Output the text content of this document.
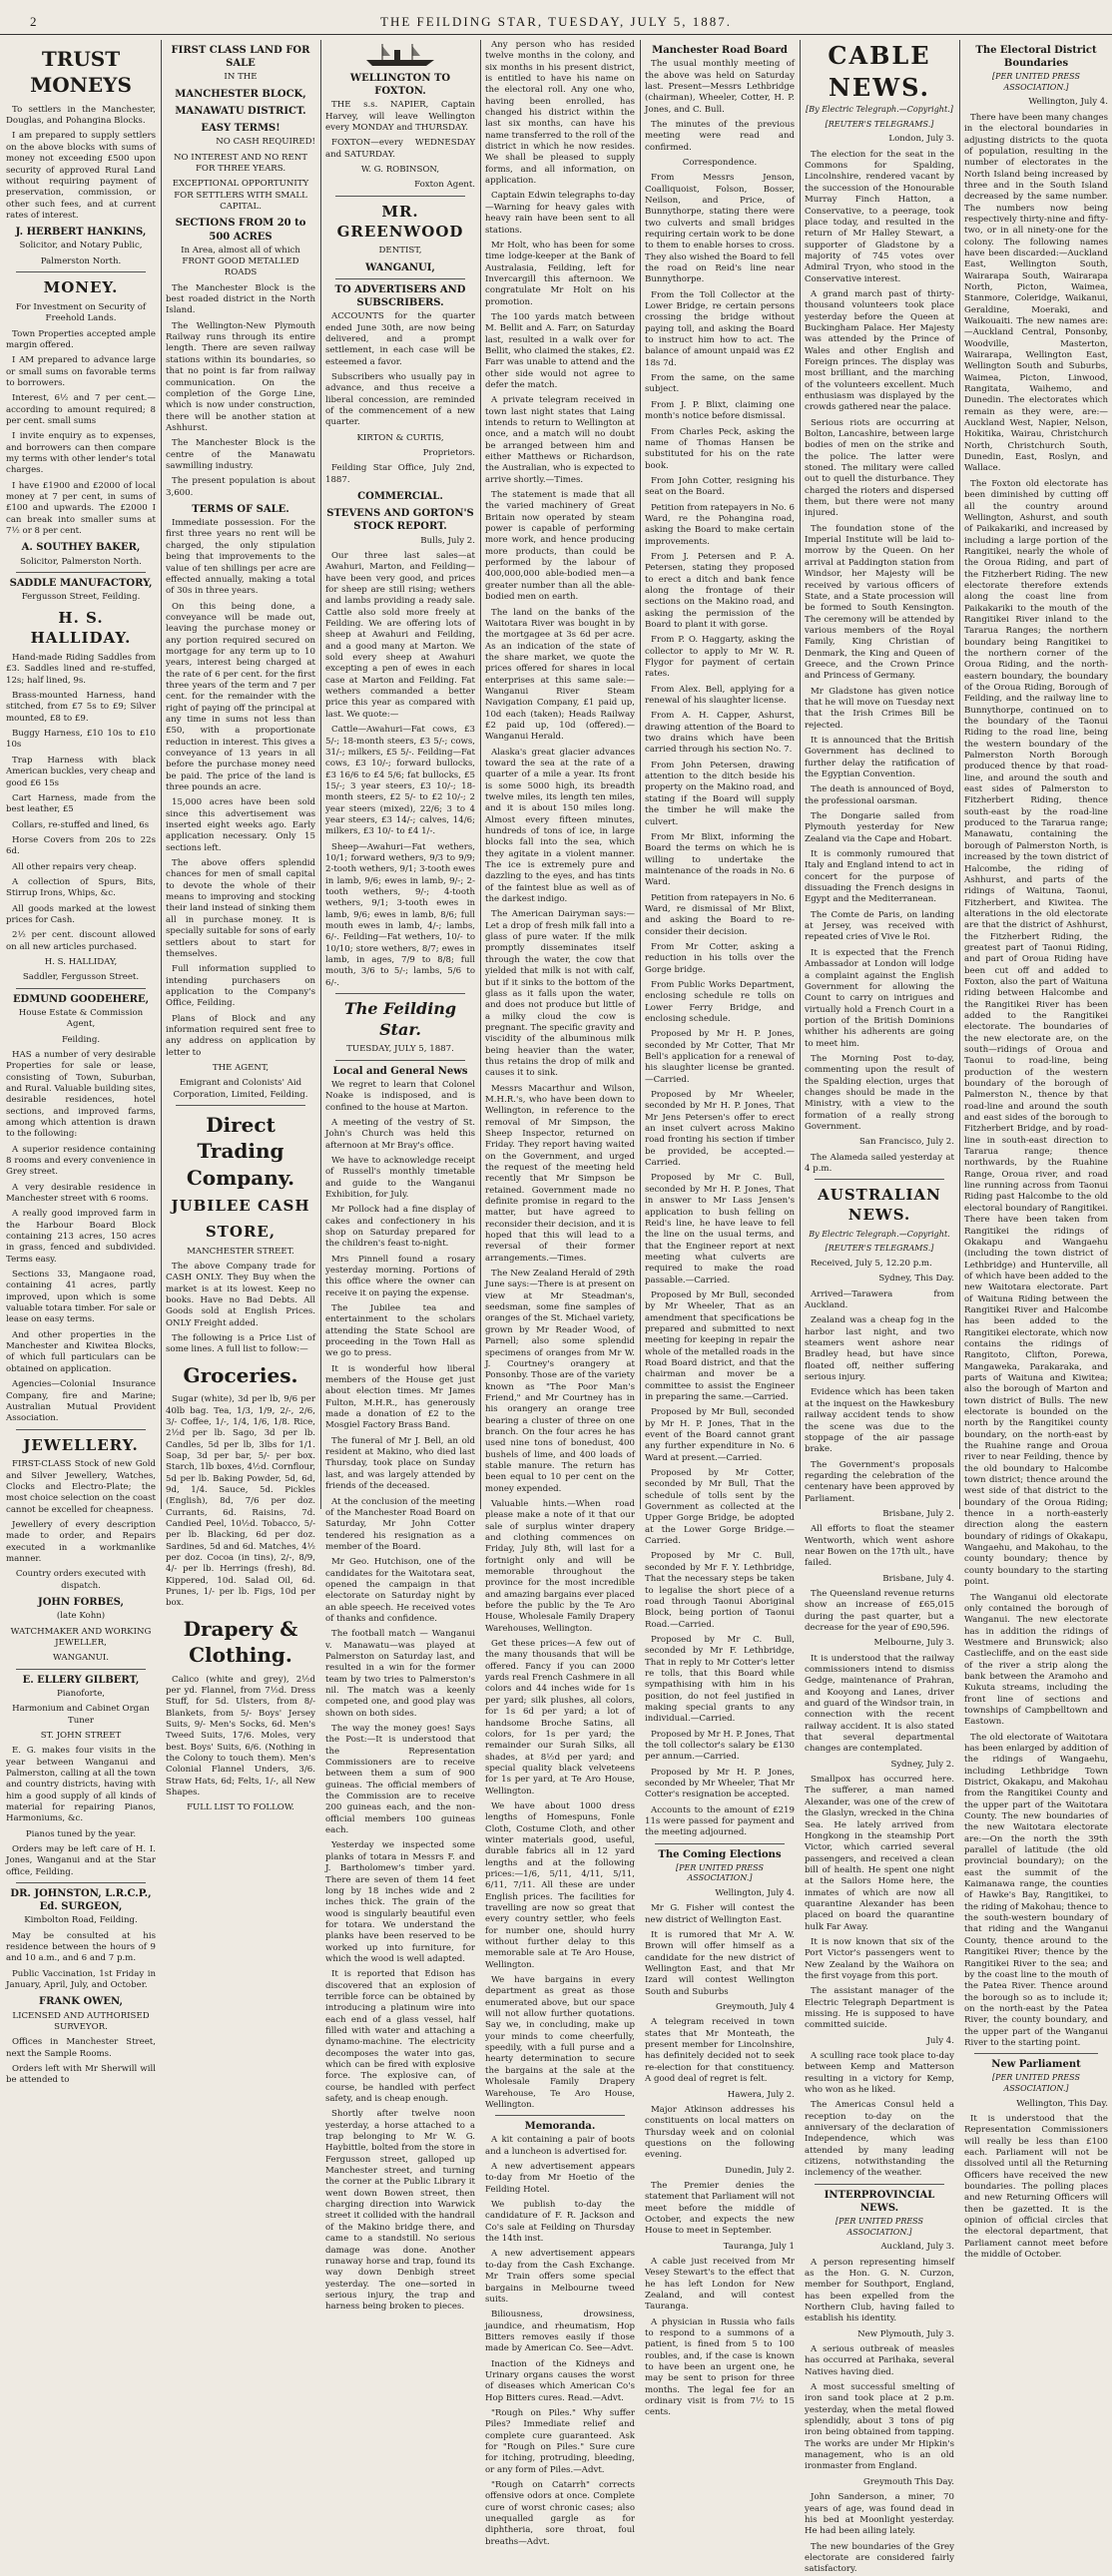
2	THE FEILDING STAR, TUESDAY, JULY 5, 1887.

TRUST MONEYS

To settlers in the Manchester, Douglas, and Pohangina Blocks.

I am prepared to supply settlers on the above blocks with sums of money not exceeding £500 upon security of approved Rural Land without requiring payment of preservation, commission, or other such fees, and at current rates of interest.

J. HERBERT HANKINS,

Solicitor, and Notary Public,

Palmerston North.

MONEY.

For Investment on Security of Freehold Lands.

Town Properties accepted ample margin offered.

I AM prepared to advance large or small sums on favorable terms to borrowers.

Interest, 6½ and 7 per cent.—according to amount required; 8 per cent. small sums

I invite enquiry as to expenses, and borrowers can then compare my terms with other lender's total charges.

I have £1900 and £2000 of local money at 7 per cent, in sums of £100 and upwards. The £2000 I can break into smaller sums at 7½ or 8 per cent.

A. SOUTHEY BAKER,

Solicitor, Palmerston North.

SADDLE MANUFACTORY,

Fergusson Street, Feilding.

H. S. HALLIDAY.

Hand-made Riding Saddles from £3. Saddles lined and re-stuffed, 12s; half lined, 9s.

Brass-mounted Harness, hand stitched, from £7 5s to £9; Silver mounted, £8 to £9.

Buggy Harness, £10 10s to £10 10s

Trap Harness with black American buckles, very cheap and good £6 15s

Cart Harness, made from the best leather, £5

Collars, re-stuffed and lined, 6s

Horse Covers from 20s to 22s 6d.

All other repairs very cheap.

A collection of Spurs, Bits, Stirrup Irons, Whips, &c.

All goods marked at the lowest prices for Cash.

2½ per cent. discount allowed on all new articles purchased.

H. S. HALLIDAY,

Saddler, Fergusson Street.

EDMUND GOODEHERE,

House Estate & Commission Agent,

Feilding.

HAS a number of very desirable Properties for sale or lease, consisting of Town, Suburban, and Rural. Valuable building sites, desirable residences, hotel sections, and improved farms, among which attention is drawn to the following:

A superior residence containing 8 rooms and every convenience in Grey street.

A very desirable residence in Manchester street with 6 rooms.

A really good improved farm in the Harbour Board Block containing 213 acres, 150 acres in grass, fenced and subdivided. Terms easy.

Sections 33, Mangaone road, containing 41 acres, partly improved, upon which is some valuable totara timber. For sale or lease on easy terms.

And other properties in the Manchester and Kiwitea Blocks, of which full particulars can be obtained on application.

Agencies—Colonial Insurance Company, fire and Marine; Australian Mutual Provident Association.

JEWELLERY.

FIRST-CLASS Stock of new Gold and Silver Jewellery, Watches, Clocks and Electro-Plate; the most choice selection on the coast cannot be excelled for cheapness.

Jewellery of every description made to order, and Repairs executed in a workmanlike manner.

Country orders executed with dispatch.

JOHN FORBES,

(late Kohn)

WATCHMAKER AND WORKING JEWELLER,

WANGANUI.

E. ELLERY GILBERT,

Pianoforte,

Harmonium and Cabinet Organ Tuner

ST. JOHN STREET

E. G. makes four visits in the year between Wanganui and Palmerston, calling at all the town and country districts, having with him a good supply of all kinds of material for repairing Pianos, Harmoniums, &c.

Pianos tuned by the year.

Orders may be left care of H. I. Jones, Wanganui and at the Star office, Feilding.

DR. JOHNSTON, L.R.C.P., Ed. SURGEON,

Kimbolton Road, Feilding.

May be consulted at his residence between the hours of 9 and 10 a.m., and 6 and 7 p.m.

Public Vaccination, 1st Friday in January, April, July, and October.

FRANK OWEN,

LICENSED AND AUTHORISED SURVEYOR.

Offices in Manchester Street, next the Sample Rooms.

Orders left with Mr Sherwill will be attended to

FIRST CLASS LAND FOR SALE

IN THE

MANCHESTER BLOCK,

MANAWATU DISTRICT.

EASY TERMS!

NO CASH REQUIRED!

NO INTEREST AND NO RENT FOR THREE YEARS.

EXCEPTIONAL OPPORTUNITY FOR SETTLERS WITH SMALL CAPITAL.

SECTIONS FROM 20 to 500 ACRES

In Area, almost all of which FRONT GOOD METALLED ROADS

The Manchester Block is the best roaded district in the North Island.

The Wellington-New Plymouth Railway runs through its entire length. There are seven railway stations within its boundaries, so that no point is far from railway communication. On the completion of the Gorge Line, which is now under construction, there will be another station at Ashhurst.

The Manchester Block is the centre of the Manawatu sawmilling industry.

The present population is about 3,600.

TERMS OF SALE.

Immediate possession. For the first three years no rent will be charged, the only stipulation being that improvements to the value of ten shillings per acre are effected annually, making a total of 30s in three years.

On this being done, a conveyance will be made out, leaving the purchase money or any portion required secured on mortgage for any term up to 10 years, interest being charged at the rate of 6 per cent. for the first three years of the term and 7 per cent. for the remainder with the right of paying off the principal at any time in sums not less than £50, with a proportionate reduction in interest. This gives a conveyance of 13 years in all before the purchase money need be paid. The price of the land is three pounds an acre.

15,000 acres have been sold since this advertisement was inserted eight weeks ago. Early application necessary. Only 15 sections left.

The above offers splendid chances for men of small capital to devote the whole of their means to improving and stocking their land instead of sinking them all in purchase money. It is specially suitable for sons of early settlers about to start for themselves.

Full information supplied to intending purchasers on application to the Company's Office, Feilding.

Plans of Block and any information required sent free to any address on application by letter to

THE AGENT,

Emigrant and Colonists' Aid Corporation, Limited, Feilding.

Direct Trading Company.

JUBILEE CASH

STORE,

MANCHESTER STREET.

The above Company trade for CASH ONLY. They Buy when the market is at its lowest. Keep no books. Have no Bad Debts. All Goods sold at English Prices. ONLY Freight added.

The following is a Price List of some lines. A full list to follow:—

Groceries.

Sugar (white), 3d per lb, 9/6 per 40lb bag. Tea, 1/3, 1/9, 2/-, 2/6, 3/- Coffee, 1/-, 1/4, 1/6, 1/8. Rice, 2½d per lb. Sago, 3d per lb. Candles, 5d per lb, 3lbs for 1/1. Soap, 3d per bar, 5/- per box. Starch, 1lb boxes, 4½d. Cornflour, 5d per lb. Baking Powder, 5d, 6d, 9d, 1/4. Sauce, 5d. Pickles (English), 8d, 7/6 per doz. Currants, 6d. Raisins, 7d. Candied Peel, 10½d. Tobacco, 5/- per lb. Blacking, 6d per doz. Sardines, 5d and 6d. Matches, 4½ per doz. Cocoa (in tins), 2/-, 8/9, 4/- per lb. Herrings (fresh), 8d. Kippered, 10d. Salad Oil, 6d. Prunes, 1/- per lb. Figs, 10d per box.

Drapery & Clothing.

Calico (white and grey), 2½d per yd. Flannel, from 7½d. Dress Stuff, for 5d. Ulsters, from 8/- Blankets, from 5/- Boys' Jersey Suits, 9/- Men's Socks, 6d. Men's Tweed Suits, 17/6. Moles, very best. Boys' Suits, 6/6. (Nothing in the Colony to touch them). Men's Colonial Flannel Unders, 3/6. Straw Hats, 6d; Felts, 1/-, all New Shapes.

FULL LIST TO FOLLOW.

WELLINGTON TO FOXTON.

THE s.s. NAPIER, Captain Harvey, will leave Wellington every MONDAY and THURSDAY.

FOXTON—every WEDNESDAY and SATURDAY.

W. G. ROBINSON,

Foxton Agent.

MR. GREENWOOD

DENTIST,

WANGANUI,

TO ADVERTISERS AND SUBSCRIBERS.

ACCOUNTS for the quarter ended June 30th, are now being delivered, and a prompt settlement, in each case will be esteemed a favor.

Subscribers who usually pay in advance, and thus receive a liberal concession, are reminded of the commencement of a new quarter.

KIRTON & CURTIS,

Proprietors.

Feilding Star Office, July 2nd, 1887.

COMMERCIAL.

STEVENS AND GORTON'S STOCK REPORT.

Bulls, July 2.

Our three last sales—at Awahuri, Marton, and Feilding—have been very good, and prices for sheep are still rising; wethers and lambs providing a ready sale. Cattle also sold more freely at Feilding. We are offering lots of sheep at Awahuri and Feilding, and a good many at Marton. We sold every sheep at Awahuri excepting a pen of ewes in each case at Marton and Feilding. Fat wethers commanded a better price this year as compared with last. We quote:—

Cattle—Awahuri—Fat cows, £3 5/-; 18-month steers, £3 5/-; cows, 31/-; milkers, £5 5/-. Feilding—Fat cows, £3 10/-; forward bullocks, £3 16/6 to £4 5/6; fat bullocks, £5 15/-; 3 year steers, £3 10/-; 18-month steers, £2 5/- to £2 10/-; 2 year steers (mixed), 22/6; 3 to 4 year steers, £3 14/-; calves, 14/6; milkers, £3 10/- to £4 1/-.

Sheep—Awahuri—Fat wethers, 10/1; forward wethers, 9/3 to 9/9; 2-tooth wethers, 9/1; 3-tooth ewes in lamb, 9/6; ewes in lamb, 9/-; 2-tooth wethers, 9/-; 4-tooth wethers, 9/1; 3-tooth ewes in lamb, 9/6; ewes in lamb, 8/6; full mouth ewes in lamb, 4/-; lambs, 6/-. Feilding—Fat wethers, 10/- to 10/10; store wethers, 8/7; ewes in lamb, in ages, 7/9 to 8/8; full mouth, 3/6 to 5/-; lambs, 5/6 to 6/-.

The Feilding Star.

TUESDAY, JULY 5, 1887.

Local and General News

We regret to learn that Colonel Noake is indisposed, and is confined to the house at Marton.

A meeting of the vestry of St. John's Church was held this afternoon at Mr Bray's office.

We have to acknowledge receipt of Russell's monthly timetable and guide to the Wanganui Exhibition, for July.

Mr Pollock had a fine display of cakes and confectionery in his shop on Saturday prepared for the children's feast to-night.

Mrs Pinnell found a rosary yesterday morning. Portions of this office where the owner can receive it on paying the expense.

The Jubilee tea and entertainment to the scholars attending the State School are proceeding in the Town Hall as we go to press.

It is wonderful how liberal members of the House get just about election times. Mr James Fulton, M.H.R., has generously made a donation of £2 to the Mosgiel Factory Brass Band.

The funeral of Mr J. Bell, an old resident at Makino, who died last Thursday, took place on Sunday last, and was largely attended by friends of the deceased.

At the conclusion of the meeting of the Manchester Road Board on Saturday, Mr John Cotter tendered his resignation as a member of the Board.

Mr Geo. Hutchison, one of the candidates for the Waitotara seat, opened the campaign in that electorate on Saturday night by an able speech. He received votes of thanks and confidence.

The football match — Wanganui v. Manawatu—was played at Palmerston on Saturday last, and resulted in a win for the former team by two tries to Palmerston's nil. The match was a keenly competed one, and good play was shown on both sides.

The way the money goes! Says the Post:—It is understood that the Representation Commissioners are to receive between them a sum of 900 guineas. The official members of the Commission are to receive 200 guineas each, and the non-official members 100 guineas each.

Yesterday we inspected some planks of totara in Messrs F. and J. Bartholomew's timber yard. There are seven of them 14 feet long by 18 inches wide and 2 inches thick. The grain of the wood is singularly beautiful even for totara. We understand the planks have been reserved to be worked up into furniture, for which the wood is well adapted.

It is reported that Edison has discovered that an explosion of terrible force can be obtained by introducing a platinum wire into each end of a glass vessel, half filled with water and attaching a dynamo-machine. The electricity decomposes the water into gas, which can be fired with explosive force. The explosive can, of course, be handled with perfect safety, and is cheap enough.

Shortly after twelve noon yesterday, a horse attached to a trap belonging to Mr W. G. Haybittle, bolted from the store in Fergusson street, galloped up Manchester street, and turning the corner at the Public Library it went down Bowen street, then charging direction into Warwick street it collided with the handrail of the Makino bridge there, and came to a standstill. No serious damage was done. Another runaway horse and trap, found its way down Denbigh street yesterday. The one—sorted in serious injury, the trap and harness being broken to pieces.

Any person who has resided twelve months in the colony, and six months in his present district, is entitled to have his name on the electoral roll. Any one who, having been enrolled, has changed his district within the last six months, can have his name transferred to the roll of the district in which he now resides. We shall be pleased to supply forms, and all information, on application.

Captain Edwin telegraphs to-day—Warning for heavy gales with heavy rain have been sent to all stations.

Mr Holt, who has been for some time lodge-keeper at the Bank of Australasia, Feilding, left for Invercargill this afternoon. We congratulate Mr Holt on his promotion.

The 100 yards match between M. Bellit and A. Farr, on Saturday last, resulted in a walk over for Bellit, who claimed the stakes, £2. Farr was unable to attend and the other side would not agree to defer the match.

A private telegram received in town last night states that Laing intends to return to Wellington at once, and a match will no doubt be arranged between him and either Matthews or Richardson, the Australian, who is expected to arrive shortly.—Times.

The statement is made that all the varied machinery of Great Britain now operated by steam power is capable of performing more work, and hence producing more products, than could be performed by the labour of 400,000,000 able-bodied men—a greater number than all the able-bodied men on earth.

The land on the banks of the Waitotara River was bought in by the mortgagee at 3s 6d per acre. As an indication of the state of the share market, we quote the prices offered for shares in local enterprises at this same sale:—Wanganui River Steam Navigation Company, £1 paid up, 10d each (taken); Heads Railway £2 paid up, 10d (offered).—Wanganui Herald.

Alaska's great glacier advances toward the sea at the rate of a quarter of a mile a year. Its front is some 5000 high, its breadth twelve miles, its length ten miles, and it is about 150 miles long. Almost every fifteen minutes, hundreds of tons of ice, in large blocks fall into the sea, which they agitate in a violent manner. The ice is extremely pure and dazzling to the eyes, and has tints of the faintest blue as well as of the darkest indigo.

The American Dairyman says:—Let a drop of fresh milk fall into a glass of pure water. If the milk promptly disseminates itself through the water, the cow that yielded that milk is not with calf, but if it sinks to the bottom of the glass as it falls upon the water, and does not produce but little of a milky cloud the cow is pregnant. The specific gravity and viscidity of the albuminous milk being heavier than the water, thus retains the drop of milk and causes it to sink.

Messrs Macarthur and Wilson, M.H.R.'s, who have been down to Wellington, in reference to the removal of Mr Simpson, the Sheep Inspector, returned on Friday. They report having waited on the Government, and urged the request of the meeting held recently that Mr Simpson be retained. Government made no definite promise in regard to the matter, but have agreed to reconsider their decision, and it is hoped that this will lead to a reversal of their former arrangements.—Times.

The New Zealand Herald of 29th June says:—There is at present on view at Mr Steadman's, seedsman, some fine samples of oranges of the St. Michael variety, grown by Mr Reader Wood, of Parnell; also some splendid specimens of oranges from Mr W. J. Courtney's orangery at Ponsonby. Those are of the variety known as "The Poor Man's Friend," and Mr Courtney has in his orangery an orange tree bearing a cluster of three on one branch. On the four acres he has used nine tons of bonedust, 400 bushels of lime, and 400 loads of stable manure. The return has been equal to 10 per cent on the money expended.

Valuable hints.—When road please make a note of it that our sale of surplus winter drapery and clothing commences on Friday, July 8th, will last for a fortnight only and will be memorable throughout the province for the most incredible and amazing bargains ever placed before the public by the Te Aro House, Wholesale Family Drapery Warehouses, Wellington.

Get these prices—A few out of the many thousands that will be offered. Fancy if you can 2000 yards real French Cashmere in all colors and 44 inches wide for 1s per yard; silk plushes, all colors, for 1s 6d per yard; a lot of handsome Broche Satins, all colors, for 1s per yard; the remainder our Surah Silks, all shades, at 8½d per yard; and special quality black velveteens for 1s per yard, at Te Aro House, Wellington.

We have about 1000 dress lengths of Homespuns, Fonle Cloth, Costume Cloth, and other winter materials good, useful, durable fabrics all in 12 yard lengths and at the following prices:—1/6, 5/11, 4/11, 5/11, 6/11, 7/11. All these are under English prices. The facilities for travelling are now so great that every country settler, who feels for number one, should hurry without further delay to this memorable sale at Te Aro House, Wellington.

We have bargains in every department as great as those enumerated above, but our space will not allow further quotations. Say we, in concluding, make up your minds to come cheerfully, speedily, with a full purse and a hearty determination to secure the bargains at the sale at the Wholesale Family Drapery Warehouse, Te Aro House, Wellington.

Memoranda.

A kit containing a pair of boots and a luncheon is advertised for.

A new advertisement appears to-day from Mr Hoetio of the Feilding Hotel.

We publish to-day the candidature of F. R. Jackson and Co's sale at Feilding on Thursday the 14th inst.

A new advertisement appears to-day from the Cash Exchange. Mr Train offers some special bargains in Melbourne tweed suits.

Biliousness, drowsiness, jaundice, and rheumatism, Hop Bitters removes easily if those made by American Co. See—Advt.

Inaction of the Kidneys and Urinary organs causes the worst of diseases which American Co's Hop Bitters cures. Read.—Advt.

"Rough on Piles." Why suffer Piles? Immediate relief and complete cure guaranteed. Ask for "Rough on Piles." Sure cure for itching, protruding, bleeding, or any form of Piles.—Advt.

"Rough on Catarrh" corrects offensive odors at once. Complete cure of worst chronic cases; also unequalled gargle as for diphtheria, sore throat, foul breaths—Advt.

Manchester Road Board

The usual monthly meeting of the above was held on Saturday last. Present—Messrs Lethbridge (chairman), Wheeler, Cotter, H. P. Jones, and C. Bull.

The minutes of the previous meeting were read and confirmed.

Correspondence.

From Messrs Jenson, Coalliquoist, Folson, Bosser, Neilson, and Price, of Bunnythorpe, stating there were two culverts and small bridges requiring certain work to be done to them to enable horses to cross. They also wished the Board to fell the road on Reid's line near Bunnythorpe.

From the Toll Collector at the Lower Bridge, re certain persons crossing the bridge without paying toll, and asking the Board to instruct him how to act. The balance of amount unpaid was £2 18s 7d.

From the same, on the same subject.

From J. P. Blixt, claiming one month's notice before dismissal.

From Charles Peck, asking the name of Thomas Hansen be substituted for his on the rate book.

From John Cotter, resigning his seat on the Board.

Petition from ratepayers in No. 6 Ward, re the Pohangina road, asking the Board to make certain improvements.

From J. Petersen and P. A. Petersen, stating they proposed to erect a ditch and bank fence along the frontage of their sections on the Makino road, and asking the permission of the Board to plant it with gorse.

From P. O. Haggarty, asking the collector to apply to Mr W. R. Flygor for payment of certain rates.

From Alex. Bell, applying for a renewal of his slaughter license.

From A. H. Capper, Ashurst, drawing attention of the Board to two drains which have been carried through his section No. 7.

From John Petersen, drawing attention to the ditch beside his property on the Makino road, and stating if the Board will supply the timber he will make the culvert.

From Mr Blixt, informing the Board the terms on which he is willing to undertake the maintenance of the roads in No. 6 Ward.

Petition from ratepayers in No. 6 Ward, re dismissal of Mr Blixt, and asking the Board to re-consider their decision.

From Mr Cotter, asking a reduction in his tolls over the Gorge bridge.

From Public Works Department, enclosing schedule re tolls on Lower Ferry Bridge, and enclosing schedule.

Proposed by Mr H. P. Jones, seconded by Mr Cotter, That Mr Bell's application for a renewal of his slaughter license be granted.—Carried.

Proposed by Mr Wheeler, seconded by Mr H. P. Jones, That Mr Jens Petersen's offer to erect an inset culvert across Makino road fronting his section if timber be provided, be accepted.—Carried.

Proposed by Mr C. Bull, seconded by Mr H. P. Jones, That in answer to Mr Lass Jensen's application to bush felling on Reid's line, he have leave to fell the line on the usual terms, and that the Engineer report at next meeting what culverts are required to make the road passable.—Carried.

Proposed by Mr Bull, seconded by Mr Wheeler, That as an amendment that specifications be prepared and submitted to next meeting for keeping in repair the whole of the metalled roads in the Road Board district, and that the chairman and mover be a committee to assist the Engineer in preparing the same.—Carried.

Proposed by Mr Bull, seconded by Mr H. P. Jones, That in the event of the Board cannot grant any further expenditure in No. 6 Ward at present.—Carried.

Proposed by Mr Cotter, seconded by Mr Bull, That the schedule of tolls sent by the Government as collected at the Upper Gorge Bridge, be adopted at the Lower Gorge Bridge.—Carried.

Proposed by Mr C. Bull, seconded by Mr F. Y. Lethbridge, That the necessary steps be taken to legalise the short piece of a road through Taonui Aboriginal Block, being portion of Taonui Road.—Carried.

Proposed by Mr C. Bull, seconded by Mr F. Lethbridge, That in reply to Mr Cotter's letter re tolls, that this Board while sympathising with him in his position, do not feel justified in making special grants to any individual.—Carried.

Proposed by Mr H. P. Jones, That the toll collector's salary be £130 per annum.—Carried.

Proposed by Mr H. P. Jones, seconded by Mr Wheeler, That Mr Cotter's resignation be accepted.

Accounts to the amount of £219 11s were passed for payment and the meeting adjourned.

The Coming Elections

[PER UNITED PRESS ASSOCIATION.]

Wellington, July 4.

Mr G. Fisher will contest the new district of Wellington East.

It is rumored that Mr A. W. Brown will offer himself as a candidate for the new district of Wellington East, and that Mr Izard will contest Wellington South and Suburbs

Greymouth, July 4

A telegram received in town states that Mr Monteath, the present member for Lincolnshire, has definitely decided not to seek re-election for that constituency. A good deal of regret is felt.

Hawera, July 2.

Major Atkinson addresses his constituents on local matters on Thursday week and on colonial questions on the following evening.

Dunedin, July 2.

The Premier denies the statement that Parliament will not meet before the middle of October, and expects the new House to meet in September.

Tauranga, July 1

A cable just received from Mr Vesey Stewart's to the effect that he has left London for New Zealand, and will contest Tauranga.

A physician in Russia who fails to respond to a summons of a patient, is fined from 5 to 100 roubles, and, if the case is known to have been an urgent one, he may be sent to prison for three months. The legal fee for an ordinary visit is from 7½ to 15 cents.

CABLE NEWS.

[By Electric Telegraph.—Copyright.]

[REUTER'S TELEGRAMS.]

London, July 3.

The election for the seat in the Commons for Spalding, Lincolnshire, rendered vacant by the succession of the Honourable Murray Finch Hatton, a Conservative, to a peerage, took place today, and resulted in the return of Mr Halley Stewart, a supporter of Gladstone by a majority of 745 votes over Admiral Tryon, who stood in the Conservative interest.

A grand march past of thirty-thousand volunteers took place yesterday before the Queen at Buckingham Palace. Her Majesty was attended by the Prince of Wales and other English and Foreign princes. The display was most brilliant, and the marching of the volunteers excellent. Much enthusiasm was displayed by the crowds gathered near the palace.

Serious riots are occurring at Bolton, Lancashire, between large bodies of men on the strike and the police. The latter were stoned. The military were called out to quell the disturbance. They charged the rioters and dispersed them, but there were not many injured.

The foundation stone of the Imperial Institute will be laid to-morrow by the Queen. On her arrival at Paddington station from Windsor, her Majesty will be received by various officers of State, and a State procession will be formed to South Kensington. The ceremony will be attended by various members of the Royal Family, King Christian of Denmark, the King and Queen of Greece, and the Crown Prince and Princess of Germany.

Mr Gladstone has given notice that he will move on Tuesday next that the Irish Crimes Bill be rejected.

It is announced that the British Government has declined to further delay the ratification of the Egyptian Convention.

The death is announced of Boyd, the professional oarsman.

The Dongarie sailed from Plymouth yesterday for New Zealand via the Cape and Hobart.

It is commonly rumoured that Italy and England intend to act in concert for the purpose of dissuading the French designs in Egypt and the Mediterranean.

The Comte de Paris, on landing at Jersey, was received with repeated cries of Vive le Roi.

It is expected that the French Ambassador at London will lodge a complaint against the English Government for allowing the Count to carry on intrigues and virtually hold a French Court in a portion of the British Dominions whither his adherents are going to meet him.

The Morning Post to-day, commenting upon the result of the Spalding election, urges that changes should be made in the Ministry, with a view to the formation of a really strong Government.

San Francisco, July 2.

The Alameda sailed yesterday at 4 p.m.

AUSTRALIAN NEWS.

By Electric Telegraph.—Copyright.

[REUTER'S TELEGRAMS.]

Received, July 5, 12.20 p.m.

Sydney, This Day.

Arrived—Tarawera from Auckland.

Zealand was a cheap fog in the harbor last night, and two steamers went ashore near Bradley head, but have since floated off, neither suffering serious injury.

Evidence which has been taken at the inquest on the Hawkesbury railway accident tends to show the scene was due to the stoppage of the air passage brake.

The Government's proposals regarding the celebration of the centenary have been approved by Parliament.

Brisbane, July 2.

All efforts to float the steamer Wentworth, which went ashore near Bowen on the 17th ult., have failed.

Brisbane, July 4.

The Queensland revenue returns show an increase of £65,015 during the past quarter, but a decrease for the year of £90,596.

Melbourne, July 3.

It is understood that the railway commissioners intend to dismiss Gedge, maintenance of Prahran, and Kooyong and Lanes, driver and guard of the Windsor train, in connection with the recent railway accident. It is also stated that several departmental changes are contemplated.

Sydney, July 2.

Smallpox has occurred here. The sufferer, a man named Alexander, was one of the crew of the Glaslyn, wrecked in the China Sea. He lately arrived from Hongkong in the steamship Port Victor, which carried several passengers, and received a clean bill of health. He spent one night at the Sailors Home here, the inmates of which are now all quarantine Alexander has been placed on board the quarantine hulk Far Away.

It is now known that six of the Port Victor's passengers went to New Zealand by the Waihora on the first voyage from this port.

The assistant manager of the Electric Telegraph Department is missing. He is supposed to have committed suicide.

July 4.

A sculling race took place to-day between Kemp and Matterson resulting in a victory for Kemp, who won as he liked.

The Americas Consul held a reception to-day on the anniversary of the declaration of Independence, which was attended by many leading citizens, notwithstanding the inclemency of the weather.

INTERPROVINCIAL NEWS.

[PER UNITED PRESS ASSOCIATION.]

Auckland, July 3.

A person representing himself as the Hon. G. N. Curzon, member for Southport, England, has been expelled from the Northern Club, having failed to establish his identity.

New Plymouth, July 3.

A serious outbreak of measles has occurred at Parihaka, several Natives having died.

A most successful smelting of iron sand took place at 2 p.m. yesterday, when the metal flowed splendidly, about 3 tons of pig iron being obtained from tapping. The works are under Mr Hipkin's management, who is an old ironmaster from England.

Greymouth This Day.

John Sanderson, a miner, 70 years of age, was found dead in his bed at Moonlight yesterday. He had been ailing lately.

The new boundaries of the Grey electorate are considered fairly satisfactory.

The Electoral District Boundaries

[PER UNITED PRESS ASSOCIATION.]

Wellington, July 4.

There have been many changes in the electoral boundaries in adjusting districts to the quota of population, resulting in the number of electorates in the North Island being increased by three and in the South Island decreased by the same number. The numbers now being respectively thirty-nine and fifty-two, or in all ninety-one for the colony. The following names have been discarded:—Auckland East, Wellington South, Wairarapa South, Wairarapa North, Picton, Waimea, Stanmore, Coleridge, Waikanui, Geraldine, Moeraki, and Waikouaiti. The new names are:—Auckland Central, Ponsonby, Woodville, Masterton, Wairarapa, Wellington East, Wellington South and Suburbs, Waimea, Picton, Linwood, Rangitata, Waihemo, and Dunedin. The electorates which remain as they were, are:—Auckland West, Napier, Nelson, Hokitika, Wairau, Christchurch North, Christchurch South, Dunedin, East, Roslyn, and Wallace.

The Foxton old electorate has been diminished by cutting off all the country around Wellington, Ashurst, and south of Paikakariki, and increased by including a large portion of the Rangitikei, nearly the whole of the Oroua Riding, and part of the Fitzherbert Riding. The new electorate therefore extends along the coast line from Paikakariki to the mouth of the Rangitikei River inland to the Tararua Ranges; the northern boundary being Rangitikei to the northern corner of the Oroua Riding, and the north-eastern boundary, the boundary of the Oroua Riding, Borough of Feilding, and the railway line to Bunnythorpe, continued on to the boundary of the Taonui Riding to the road line, being the western boundary of the Palmerston North Borough produced thence by that road-line, and around the south and east sides of Palmerston to Fitzherbert Riding, thence south-east by the road-line produced to the Tararua range; Manawatu, containing the borough of Palmerston North, is increased by the town district of Halcombe, the riding of Ashhurst, and parts of the ridings of Waituna, Taonui, Fitzherbert, and Kiwitea. The alterations in the old electorate are that the district of Ashhurst, the Fitzherbert Riding, the greatest part of Taonui Riding, and part of Oroua Riding have been cut off and added to Foxton, also the part of Waituna riding between Halcombe and the Rangitikei River has been added to the Rangitikei electorate. The boundaries of the new electorate are, on the south—ridings of Oroua and Taonui to road-line, being production of the western boundary of the borough of Palmerston N., thence by that road-line and around the south and east sides of the borough to Fitzherbert Bridge, and by road-line in south-east direction to Tararua range; thence northwards, by the Ruahine Range, Oroua river, and road line running across from Taonui Riding past Halcombe to the old electoral boundary of Rangitikei. There have been taken from Rangitikei the ridings of Okakapu and Wangaehu (including the town district of Lethbridge) and Hunterville, all of which have been added to the new Waitotara electorate. Part of Waituna Riding between the Rangitikei River and Halcombe has been added to the Rangitikei electorate, which now contains the ridings of Rangitoto, Clifton, Porewa, Mangaweka, Parakaraka, and parts of Waituna and Kiwitea; also the borough of Marton and town district of Bulls. The new electorate is bounded on the north by the Rangitikei county boundary, on the north-east by the Ruahine range and Oroua river to near Feilding, thence by the old boundary to Halcombe town district; thence around the west side of that district to the boundary of the Oroua Riding; thence in a north-easterly direction along the eastern boundary of ridings of Okakapu, Wangaehu, and Makohau, to the county boundary; thence by county boundary to the starting point.

The Wanganui old electorate only contained the borough of Wanganui. The new electorate has in addition the ridings of Westmere and Brunswick; also Castlecliffe, and on the east side of the river a strip along the bank between the Aramoho and Kukuta streams, including the front line of sections and townships of Campbelltown and Eastown.

The old electorate of Waitotara has been enlarged by addition of the ridings of Wangaehu, including Lethbridge Town District, Okakapu, and Makohau from the Rangitikei County and the upper part of the Waitotara County. The new boundaries of the new Waitotara electorate are:—On the north the 39th parallel of latitude (the old provincial boundary); on the east the summit of the Kaimanawa range, the counties of Hawke's Bay, Rangitikei, to the riding of Makohau; thence to the south-western boundary of that riding and the Wanganui County, thence around to the Rangitikei River; thence by the Rangitikei River to the sea; and by the coast line to the mouth of the Patea River. Thence around the borough so as to include it; on the north-east by the Patea River, the county boundary, and the upper part of the Wanganui River to the starting point.

New Parliament

[PER UNITED PRESS ASSOCIATION.]

Wellington, This Day.

It is understood that the Representation Commissioners will really be less than £100 each. Parliament will not be dissolved until all the Returning Officers have received the new boundaries. The polling places and new Returning Officers will then be gazetted. It is the opinion of official circles that the electoral department, that Parliament cannot meet before the middle of October.
